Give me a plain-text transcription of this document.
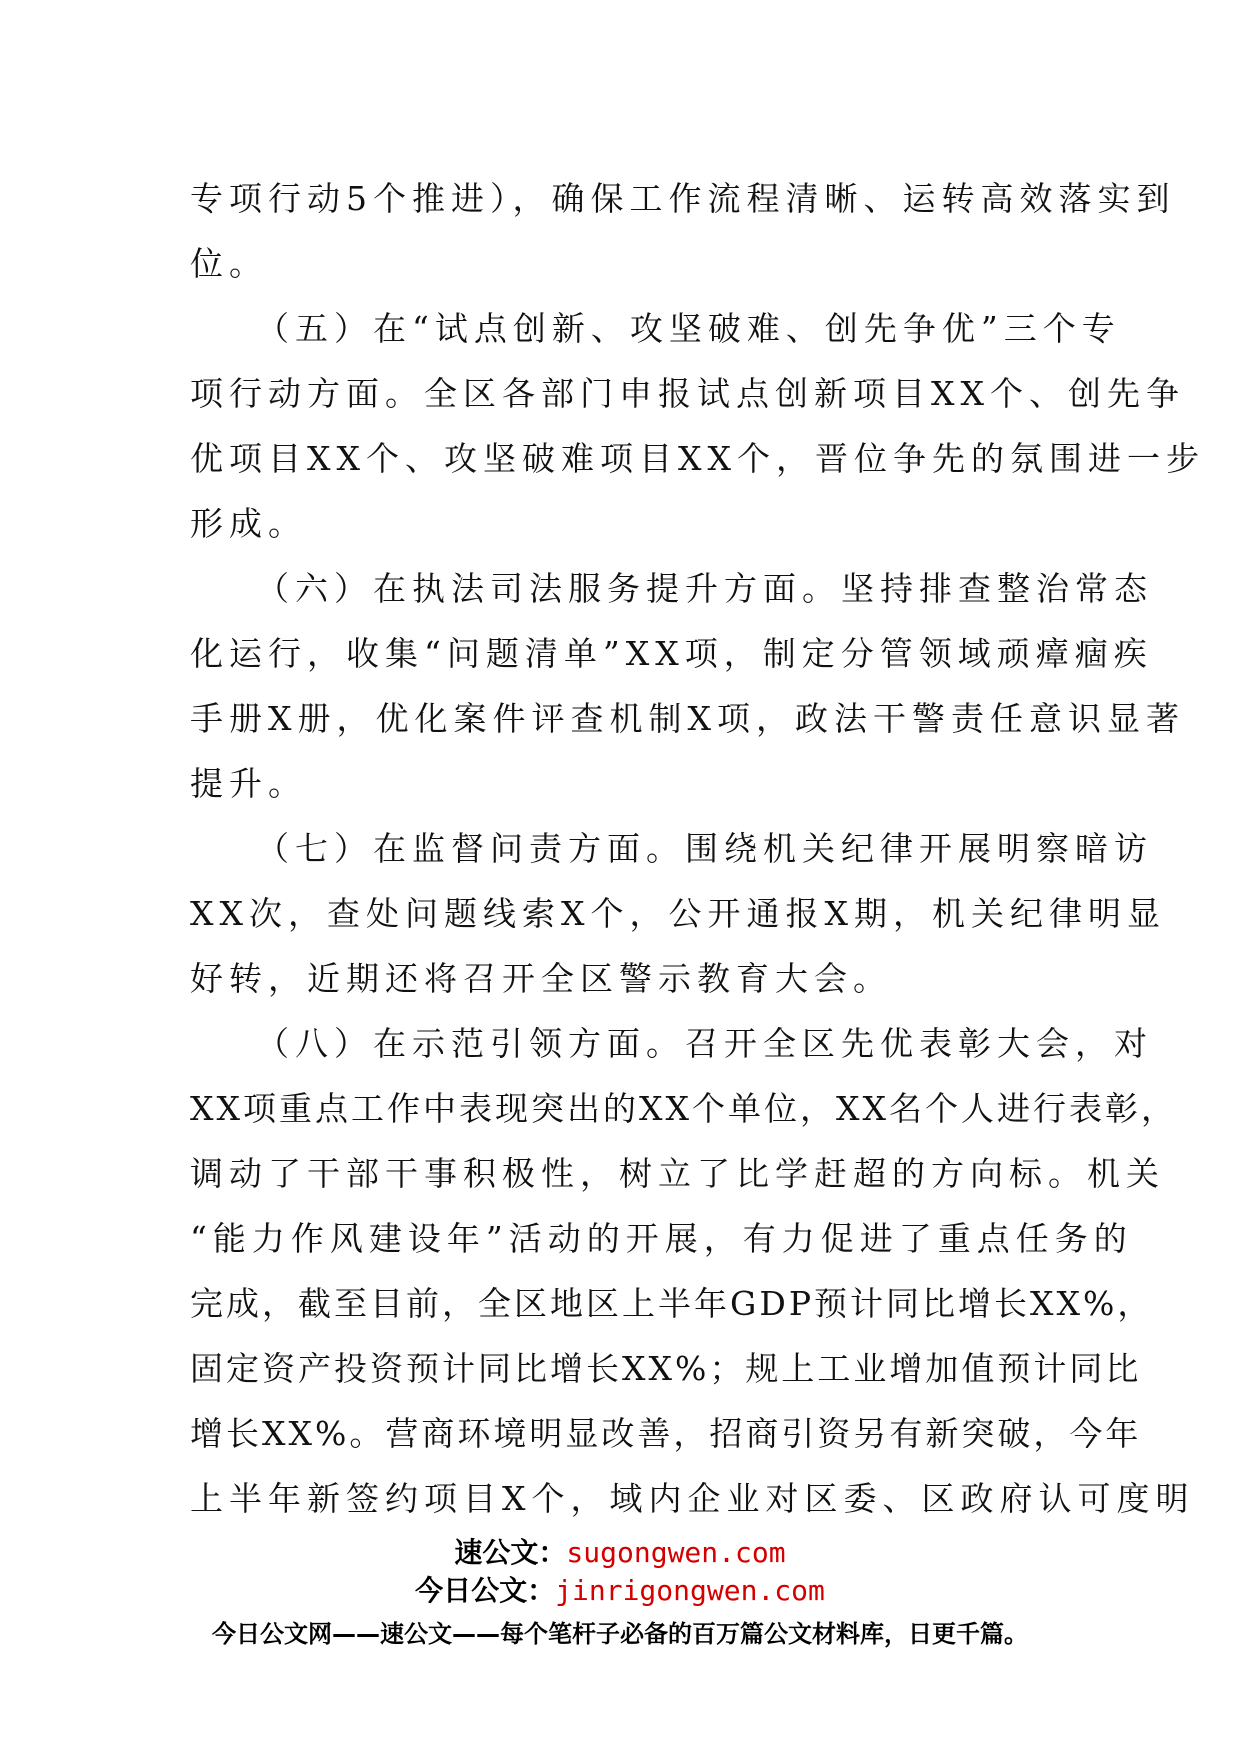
专项行动5个推进），确保工作流程清晰、运转高效落实到
位。
（五）在“试点创新、攻坚破难、创先争优”三个专
项行动方面。全区各部门申报试点创新项目XX个、创先争
优项目XX个、攻坚破难项目XX个，晋位争先的氛围进一步
形成。
（六）在执法司法服务提升方面。坚持排查整治常态
化运行，收集“问题清单”XX项，制定分管领域顽瘴痼疾
手册X册，优化案件评查机制X项，政法干警责任意识显著
提升。
（七）在监督问责方面。围绕机关纪律开展明察暗访
XX次，查处问题线索X个，公开通报X期，机关纪律明显
好转，近期还将召开全区警示教育大会。
（八）在示范引领方面。召开全区先优表彰大会，对
XX项重点工作中表现突出的XX个单位，XX名个人进行表彰，
调动了干部干事积极性，树立了比学赶超的方向标。机关
“能力作风建设年”活动的开展，有力促进了重点任务的
完成，截至目前，全区地区上半年GDP预计同比增长XX%，
固定资产投资预计同比增长XX%；规上工业增加值预计同比
增长XX%。营商环境明显改善，招商引资另有新突破，今年
上半年新签约项目X个，域内企业对区委、区政府认可度明
速公文：sugongwen.com
今日公文：jinrigongwen.com
今日公文网——速公文——每个笔杆子必备的百万篇公文材料库，日更千篇。
